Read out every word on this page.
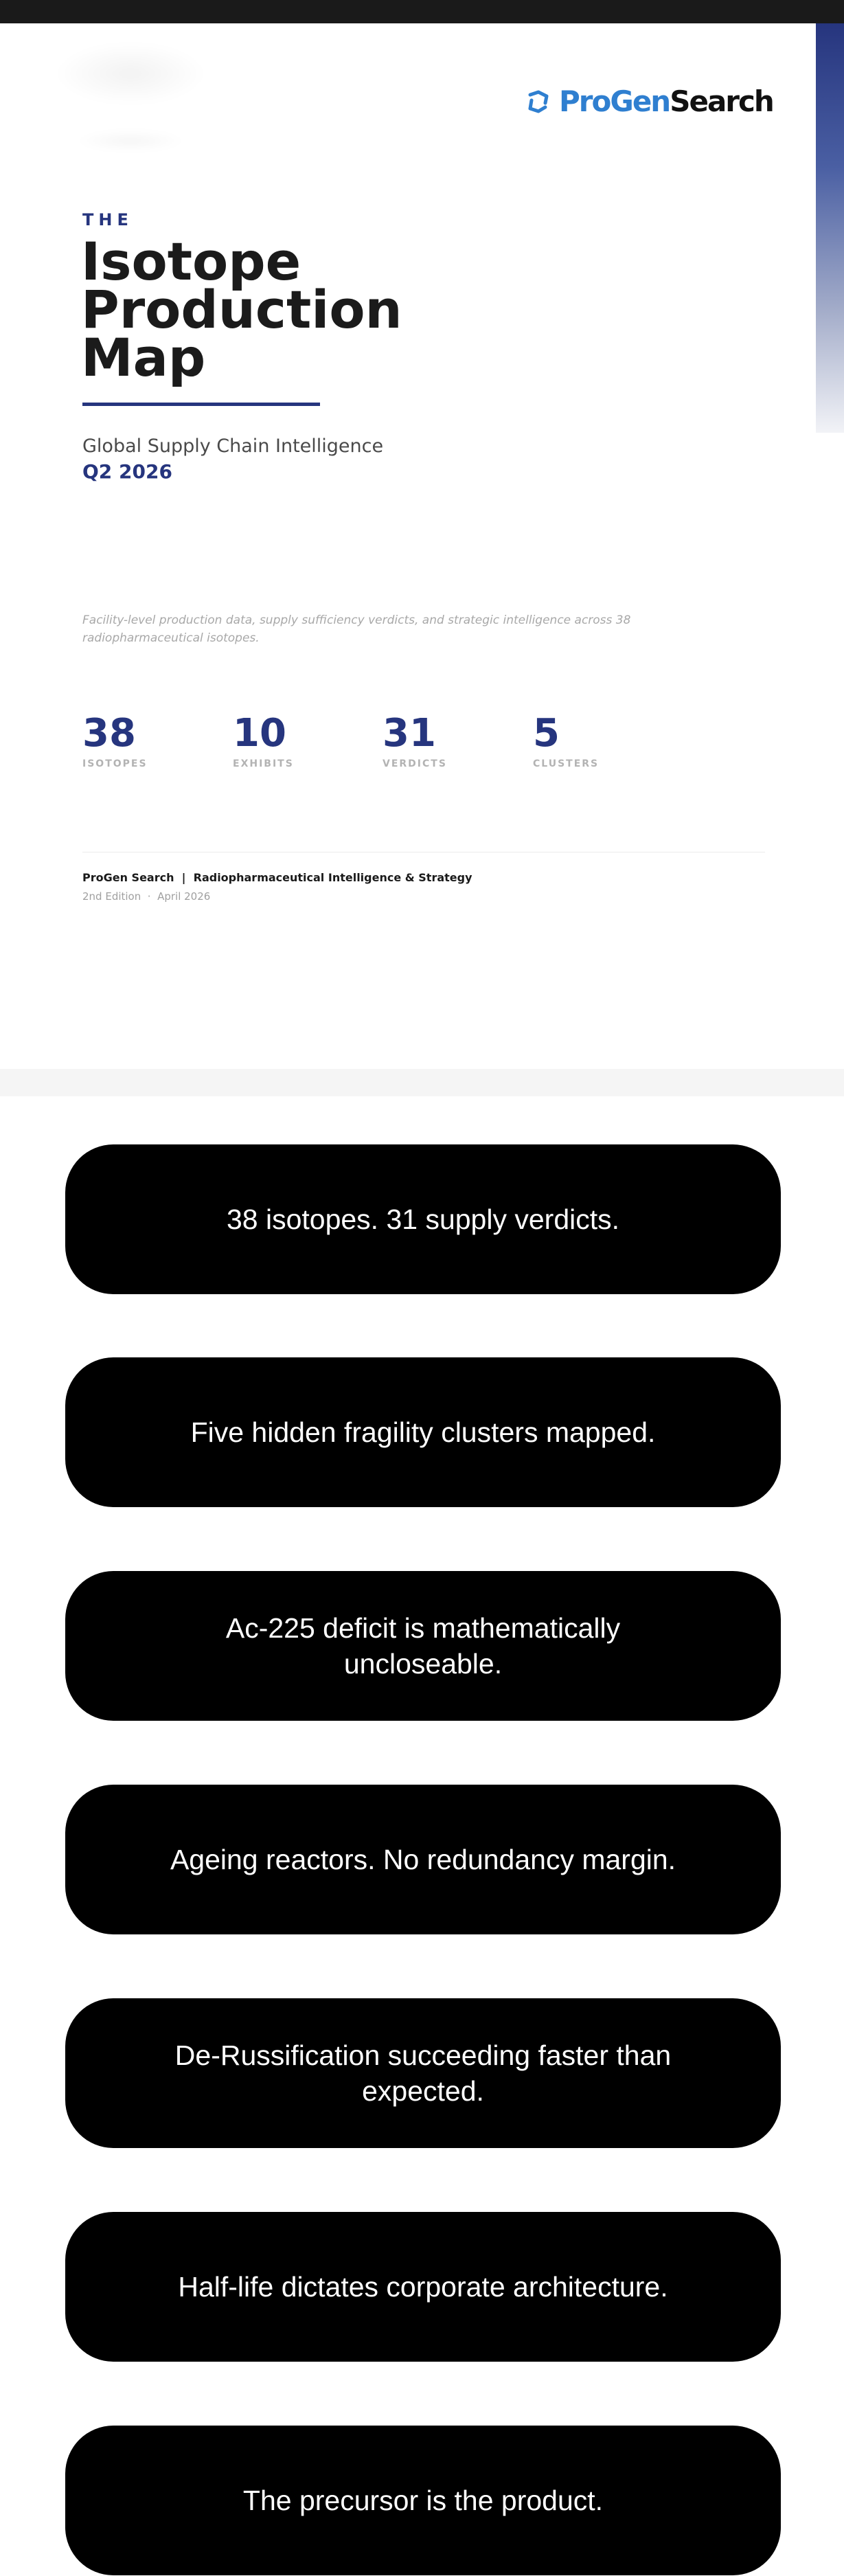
ProGenSearch
THE
Isotope
Production
Map
Global Supply Chain Intelligence
Q2 2026
Facility-level production data, supply sufficiency verdicts, and strategic intelligence across 38 radiopharmaceutical isotopes.
38
ISOTOPES
10
EXHIBITS
31
VERDICTS
5
CLUSTERS
ProGen Search  |  Radiopharmaceutical Intelligence & Strategy
2nd Edition  ·  April 2026
38 isotopes. 31 supply verdicts.
Five hidden fragility clusters mapped.
Ac-225 deficit is mathematically uncloseable.
Ageing reactors. No redundancy margin.
De-Russification succeeding faster than expected.
Half-life dictates corporate architecture.
The precursor is the product.
